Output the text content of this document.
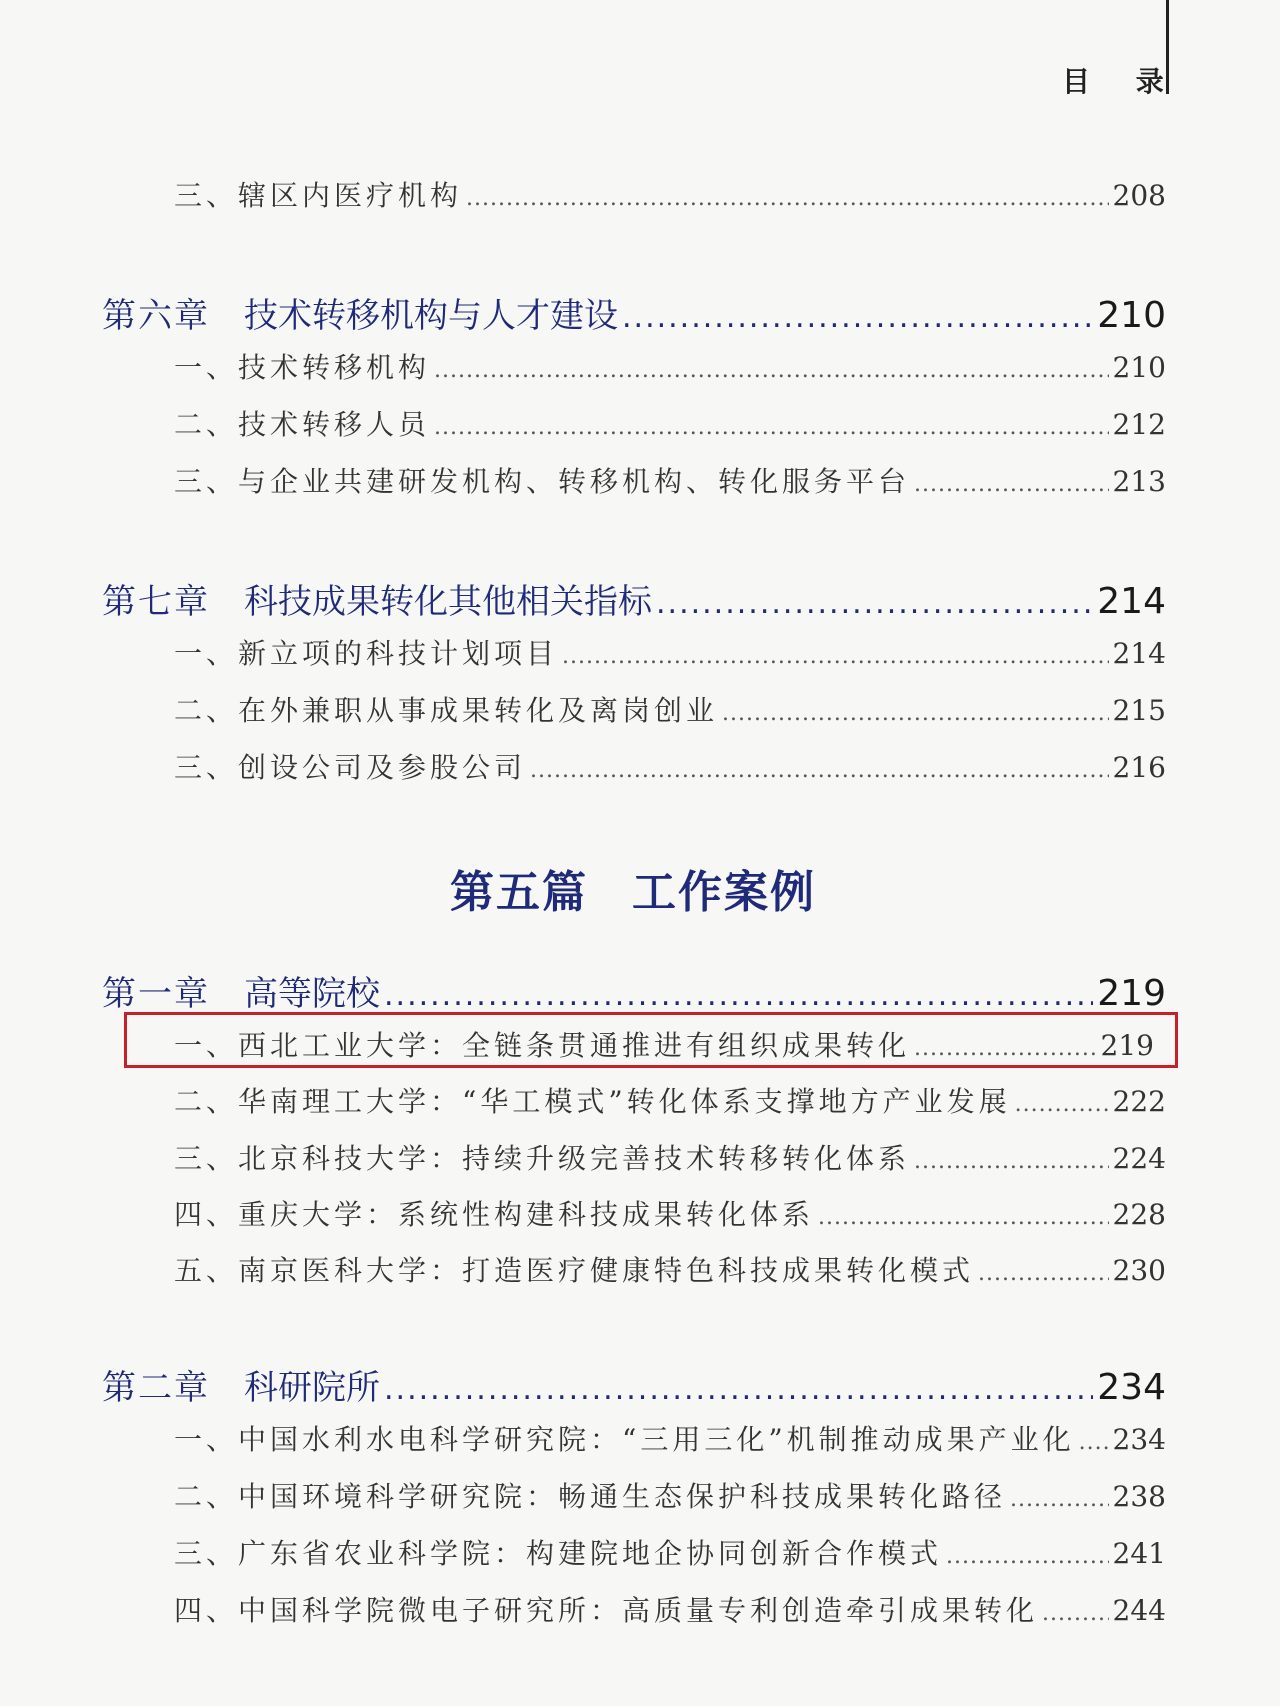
目 录
三、辖区内医疗机构 .....	208
第六章 技术转移机构与人才建设 .....	210
一、技术转移机构 .....	210
二、技术转移人员 .....	212
三、与企业共建研发机构、转移机构、转化服务平台 .....	213
第七章 科技成果转化其他相关指标 .....	214
一、新立项的科技计划项目 .....	214
二、在外兼职从事成果转化及离岗创业 .....	215
三、创设公司及参股公司 .....	216
第五篇 工作案例
第一章 高等院校 .....	219
一、西北工业大学：全链条贯通推进有组织成果转化 .....	219
二、华南理工大学：“华工模式”转化体系支撑地方产业发展 .....	222
三、北京科技大学：持续升级完善技术转移转化体系 .....	224
四、重庆大学：系统性构建科技成果转化体系 .....	228
五、南京医科大学：打造医疗健康特色科技成果转化模式 .....	230
第二章 科研院所 .....	234
一、中国水利水电科学研究院：“三用三化”机制推动成果产业化 ..... 234
二、中国环境科学研究院：畅通生态保护科技成果转化路径 .....	238
三、广东省农业科学院：构建院地企协同创新合作模式 .....	241
四、中国科学院微电子研究所：高质量专利创造牵引成果转化 .....	244
